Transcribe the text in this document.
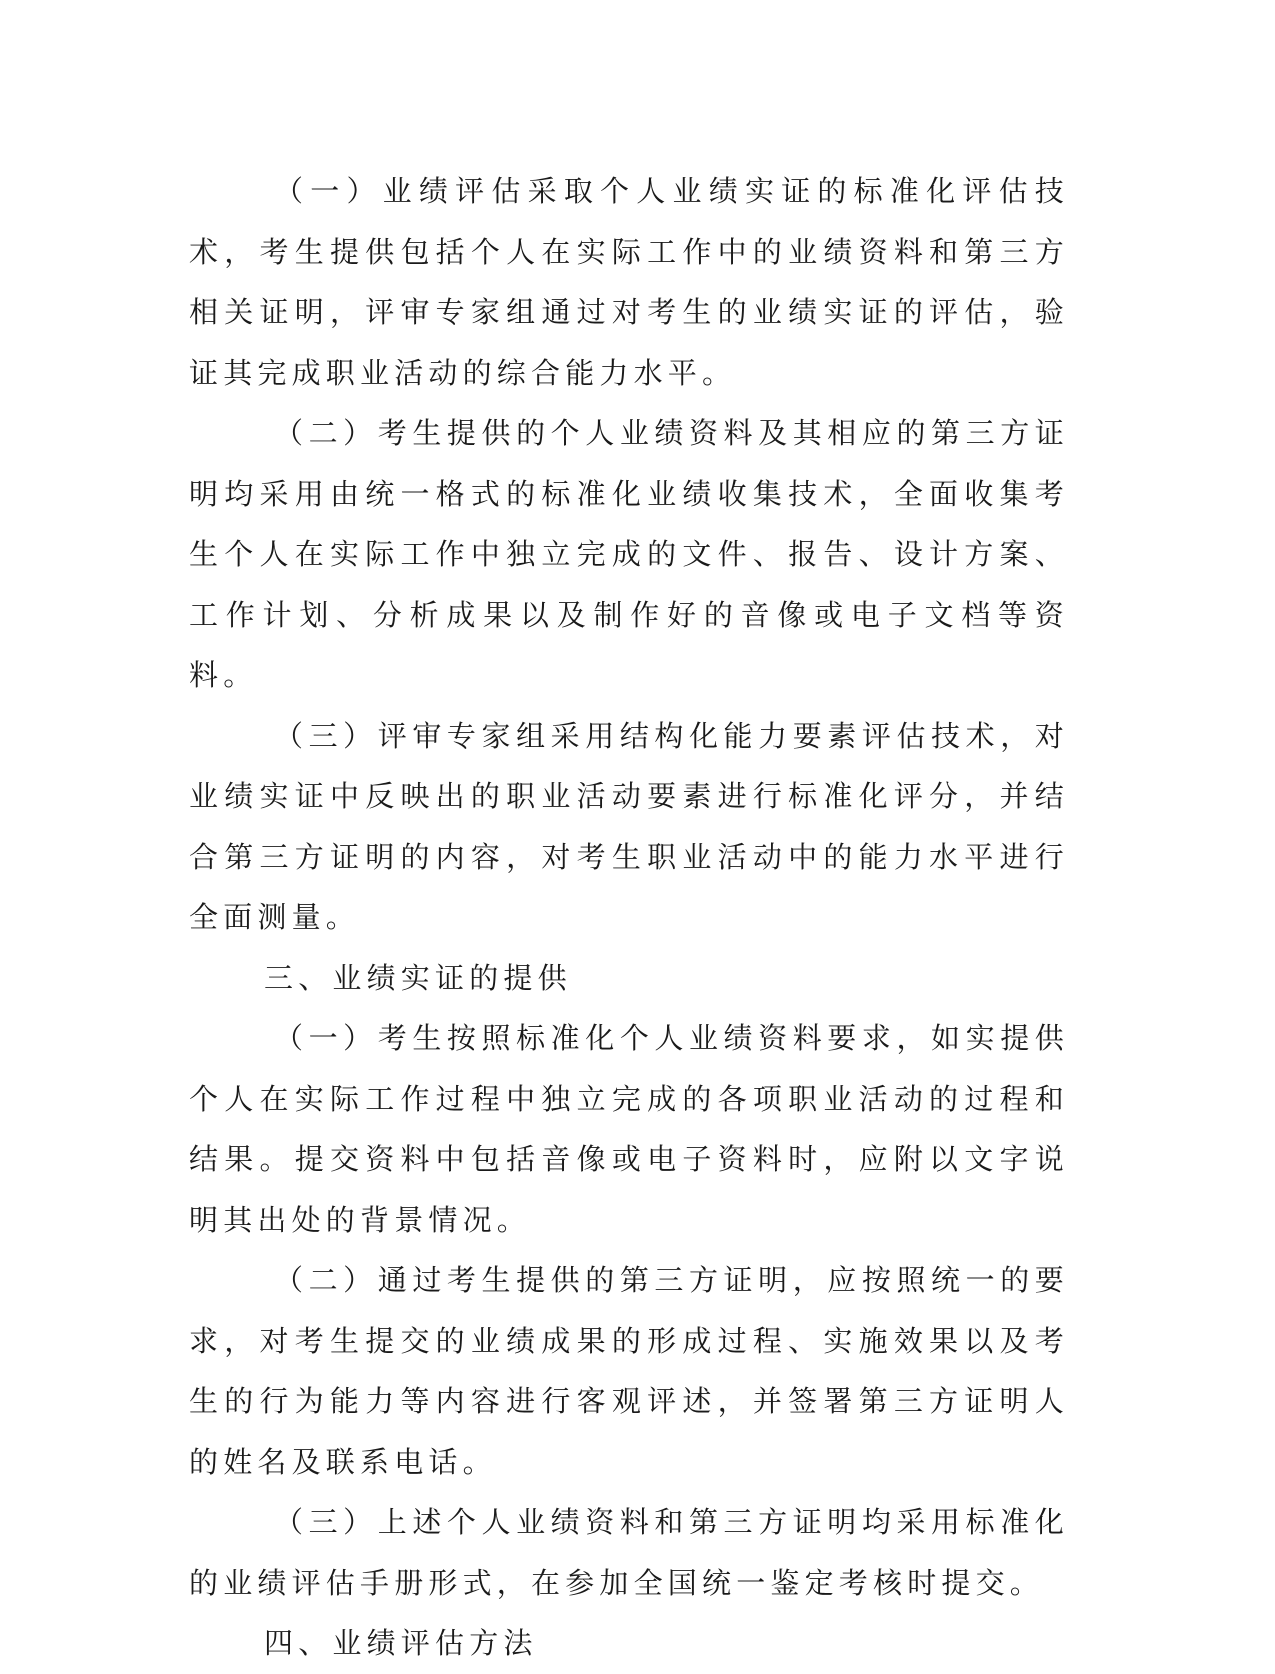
（一）业绩评估采取个人业绩实证的标准化评估技术，考生提供包括个人在实际工作中的业绩资料和第三方相关证明，评审专家组通过对考生的业绩实证的评估，验证其完成职业活动的综合能力水平。

（二）考生提供的个人业绩资料及其相应的第三方证明均采用由统一格式的标准化业绩收集技术，全面收集考生个人在实际工作中独立完成的文件、报告、设计方案、工作计划、分析成果以及制作好的音像或电子文档等资料。

（三）评审专家组采用结构化能力要素评估技术，对业绩实证中反映出的职业活动要素进行标准化评分，并结合第三方证明的内容，对考生职业活动中的能力水平进行全面测量。

三、业绩实证的提供

（一）考生按照标准化个人业绩资料要求，如实提供个人在实际工作过程中独立完成的各项职业活动的过程和结果。提交资料中包括音像或电子资料时，应附以文字说明其出处的背景情况。

（二）通过考生提供的第三方证明，应按照统一的要求，对考生提交的业绩成果的形成过程、实施效果以及考生的行为能力等内容进行客观评述，并签署第三方证明人的姓名及联系电话。

（三）上述个人业绩资料和第三方证明均采用标准化的业绩评估手册形式，在参加全国统一鉴定考核时提交。

四、业绩评估方法
